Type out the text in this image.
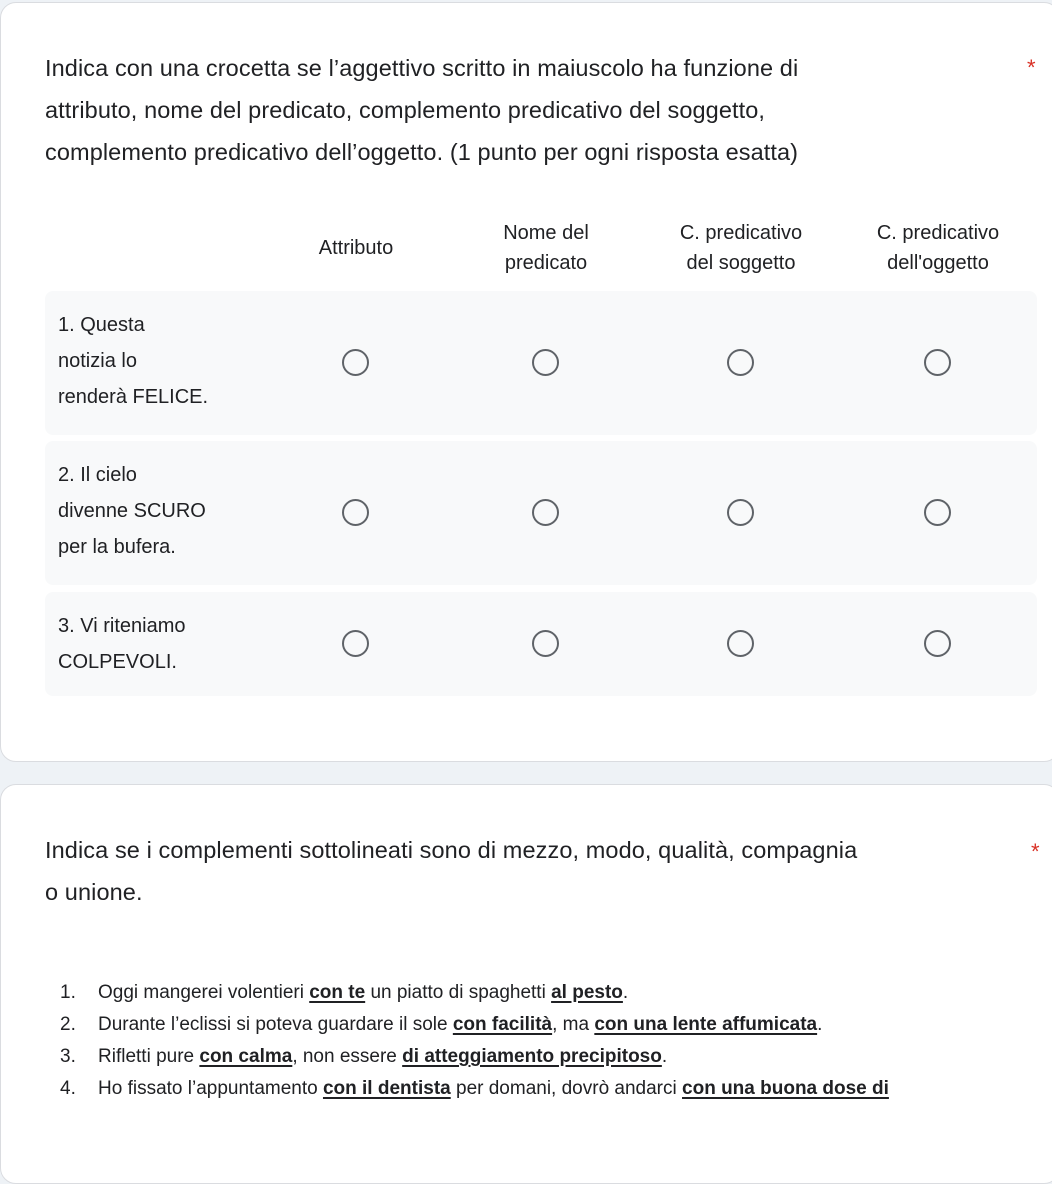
Indica con una crocetta se l’aggettivo scritto in maiuscolo ha funzione di
attributo, nome del predicato, complemento predicativo del soggetto,
complemento predicativo dell’oggetto. (1 punto per ogni risposta esatta)
*
Attributo
Nome del
predicato
C. predicativo
del soggetto
C. predicativo
dell'oggetto
1. Questa
notizia lo
renderà FELICE.
2. Il cielo
divenne SCURO
per la bufera.
3. Vi riteniamo
COLPEVOLI.
Indica se i complementi sottolineati sono di mezzo, modo, qualità, compagnia
o unione.
*
1. Oggi mangerei volentieri con te un piatto di spaghetti al pesto.
2. Durante l’eclissi si poteva guardare il sole con facilità, ma con una lente affumicata.
3. Rifletti pure con calma, non essere di atteggiamento precipitoso.
4. Ho fissato l’appuntamento con il dentista per domani, dovrò andarci con una buona dose di
